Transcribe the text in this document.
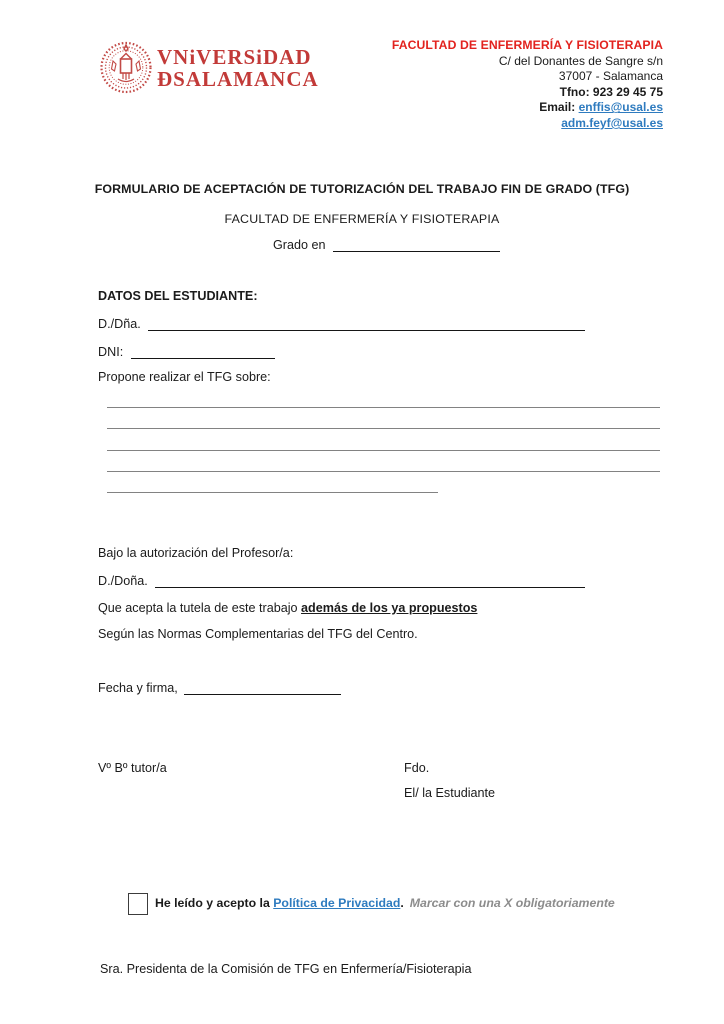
VNiVERSiDAD
ĐSALAMANCA
FACULTAD DE ENFERMERÍA Y FISIOTERAPIA
C/ del Donantes de Sangre s/n
37007 - Salamanca
Tfno: 923 29 45 75
Email: enffis@usal.es
adm.feyf@usal.es
FORMULARIO DE ACEPTACIÓN DE TUTORIZACIÓN DEL TRABAJO FIN DE GRADO (TFG)
FACULTAD DE ENFERMERÍA Y FISIOTERAPIA
Grado en
DATOS DEL ESTUDIANTE:
D./Dña.
DNI:
Propone realizar el TFG sobre:
Bajo la autorización del Profesor/a:
D./Doña.
Que acepta la tutela de este trabajo además de los ya propuestos
Según las Normas Complementarias del TFG del Centro.
Fecha y firma,
Vº Bº tutor/a	Fdo.
El/ la Estudiante
He leído y acepto la Política de Privacidad. Marcar con una X obligatoriamente
Sra. Presidenta de la Comisión de TFG en Enfermería/Fisioterapia
